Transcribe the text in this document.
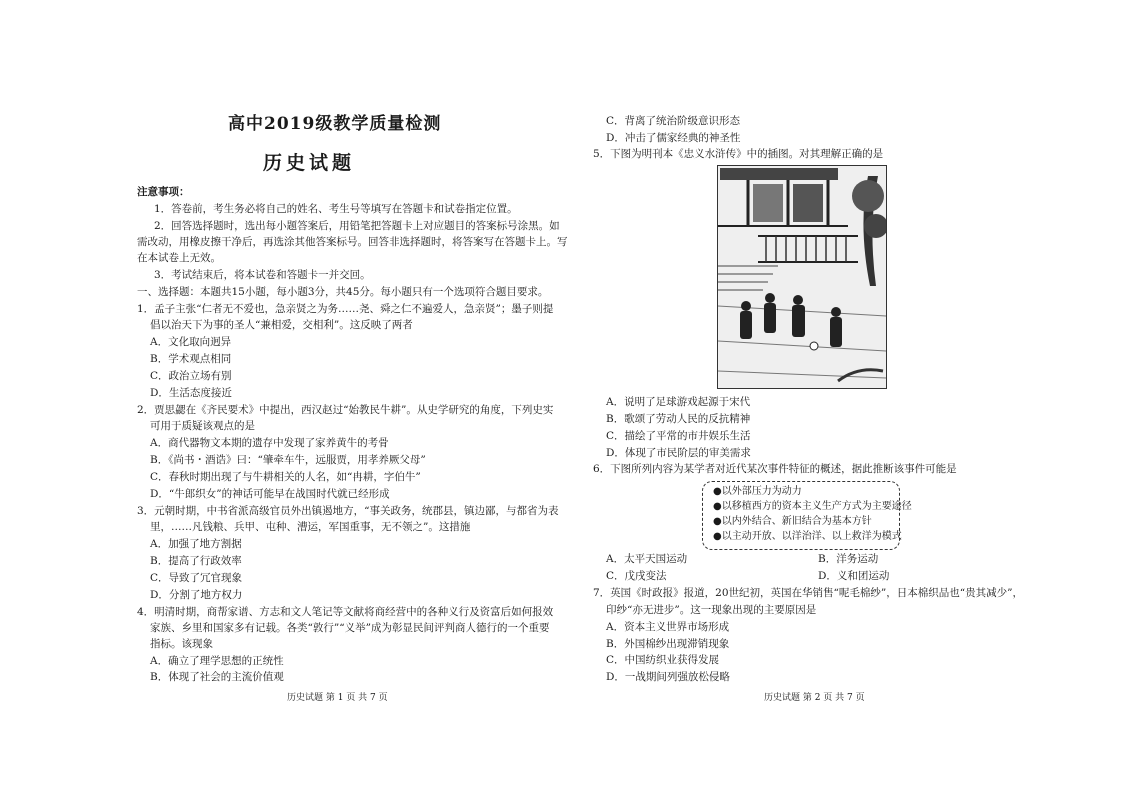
高中2019级教学质量检测
历史试题
注意事项：
1．答卷前，考生务必将自己的姓名、考生号等填写在答题卡和试卷指定位置。
2．回答选择题时，选出每小题答案后，用铅笔把答题卡上对应题目的答案标号涂黑。如
需改动，用橡皮擦干净后，再选涂其他答案标号。回答非选择题时，将答案写在答题卡上。写
在本试卷上无效。
3．考试结束后，将本试卷和答题卡一并交回。
一、选择题：本题共15小题，每小题3分，共45分。每小题只有一个选项符合题目要求。
1．孟子主张“仁者无不爱也，急亲贤之为务……尧、舜之仁不遍爱人，急亲贤”；墨子则提
倡以治天下为事的圣人“兼相爱，交相利”。这反映了两者
A．文化取向迥异
B．学术观点相同
C．政治立场有别
D．生活态度接近
2．贾思勰在《齐民要术》中提出，西汉赵过“始教民牛耕”。从史学研究的角度，下列史实
可用于质疑该观点的是
A．商代器物文本期的遗存中发现了家养黄牛的考骨
B．《尚书・酒诰》曰：“肇牵车牛，远服贾，用孝养厥父母”
C．春秋时期出现了与牛耕相关的人名，如“冉耕，字伯牛”
D．“牛郎织女”的神话可能早在战国时代就已经形成
3．元朝时期，中书省派高级官员外出镇遏地方，“事关政务，统郡县，镇边鄙，与都省为表
里，……凡钱粮、兵甲、屯种、漕运，军国重事，无不领之”。这措施
A．加强了地方割据
B．提高了行政效率
C．导致了冗官现象
D．分割了地方权力
4．明清时期，商帮家谱、方志和文人笔记等文献将商经营中的各种义行及资富后如何报效
家族、乡里和国家多有记载。各类“敦行”“义举”成为彰显民间评判商人德行的一个重要
指标。该现象
A．确立了理学思想的正统性
B．体现了社会的主流价值观
历史试题 第 1 页 共 7 页
C．背离了统治阶级意识形态
D．冲击了儒家经典的神圣性
5．下图为明刊本《忠义水浒传》中的插图。对其理解正确的是
A．说明了足球游戏起源于宋代
B．歌颂了劳动人民的反抗精神
C．描绘了平常的市井娱乐生活
D．体现了市民阶层的审美需求
6．下图所列内容为某学者对近代某次事件特征的概述，据此推断该事件可能是
●以外部压力为动力
●以移植西方的资本主义生产方式为主要途径
●以内外结合、新旧结合为基本方针
●以主动开放、以洋治洋、以上救洋为模式
A．太平天国运动	B．洋务运动
C．戊戌变法	D．义和团运动
7．英国《时政报》报道，20世纪初，英国在华销售“呢毛棉纱”，日本棉织品也“贵其减少”，
印纱“亦无进步”。这一现象出现的主要原因是
A．资本主义世界市场形成
B．外国棉纱出现滞销现象
C．中国纺织业获得发展
D．一战期间列强放松侵略
历史试题 第 2 页 共 7 页
